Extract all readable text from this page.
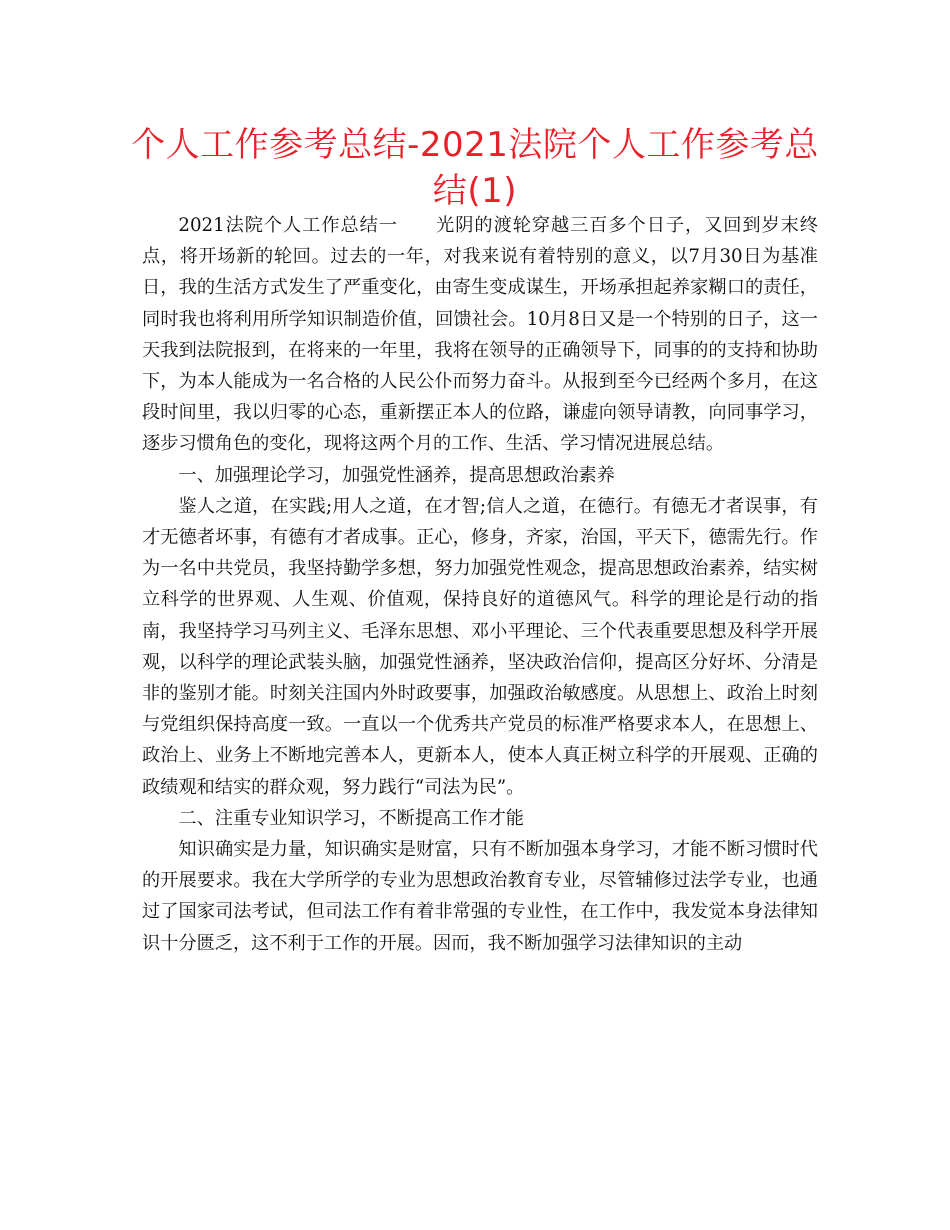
个人工作参考总结-2021法院个人工作参考总结(1)

2021法院个人工作总结一　　光阴的渡轮穿越三百多个日子，又回到岁末终点，将开场新的轮回。过去的一年，对我来说有着特别的意义，以7月30日为基准日，我的生活方式发生了严重变化，由寄生变成谋生，开场承担起养家糊口的责任，同时我也将利用所学知识制造价值，回馈社会。10月8日又是一个特别的日子，这一天我到法院报到，在将来的一年里，我将在领导的正确领导下，同事的的支持和协助下，为本人能成为一名合格的人民公仆而努力奋斗。从报到至今已经两个多月，在这段时间里，我以归零的心态，重新摆正本人的位路，谦虚向领导请教，向同事学习，逐步习惯角色的变化，现将这两个月的工作、生活、学习情况进展总结。

一、加强理论学习，加强党性涵养，提高思想政治素养

鉴人之道，在实践;用人之道，在才智;信人之道，在德行。有德无才者误事，有才无德者坏事，有德有才者成事。正心，修身，齐家，治国，平天下，德需先行。作为一名中共党员，我坚持勤学多想，努力加强党性观念，提高思想政治素养，结实树立科学的世界观、人生观、价值观，保持良好的道德风气。科学的理论是行动的指南，我坚持学习马列主义、毛泽东思想、邓小平理论、三个代表重要思想及科学开展观，以科学的理论武装头脑，加强党性涵养，坚决政治信仰，提高区分好坏、分清是非的鉴别才能。时刻关注国内外时政要事，加强政治敏感度。从思想上、政治上时刻与党组织保持高度一致。一直以一个优秀共产党员的标准严格要求本人，在思想上、政治上、业务上不断地完善本人，更新本人，使本人真正树立科学的开展观、正确的政绩观和结实的群众观，努力践行“司法为民”。

二、注重专业知识学习，不断提高工作才能

知识确实是力量，知识确实是财富，只有不断加强本身学习，才能不断习惯时代的开展要求。我在大学所学的专业为思想政治教育专业，尽管辅修过法学专业，也通过了国家司法考试，但司法工作有着非常强的专业性，在工作中，我发觉本身法律知识十分匮乏，这不利于工作的开展。因而，我不断加强学习法律知识的主动
